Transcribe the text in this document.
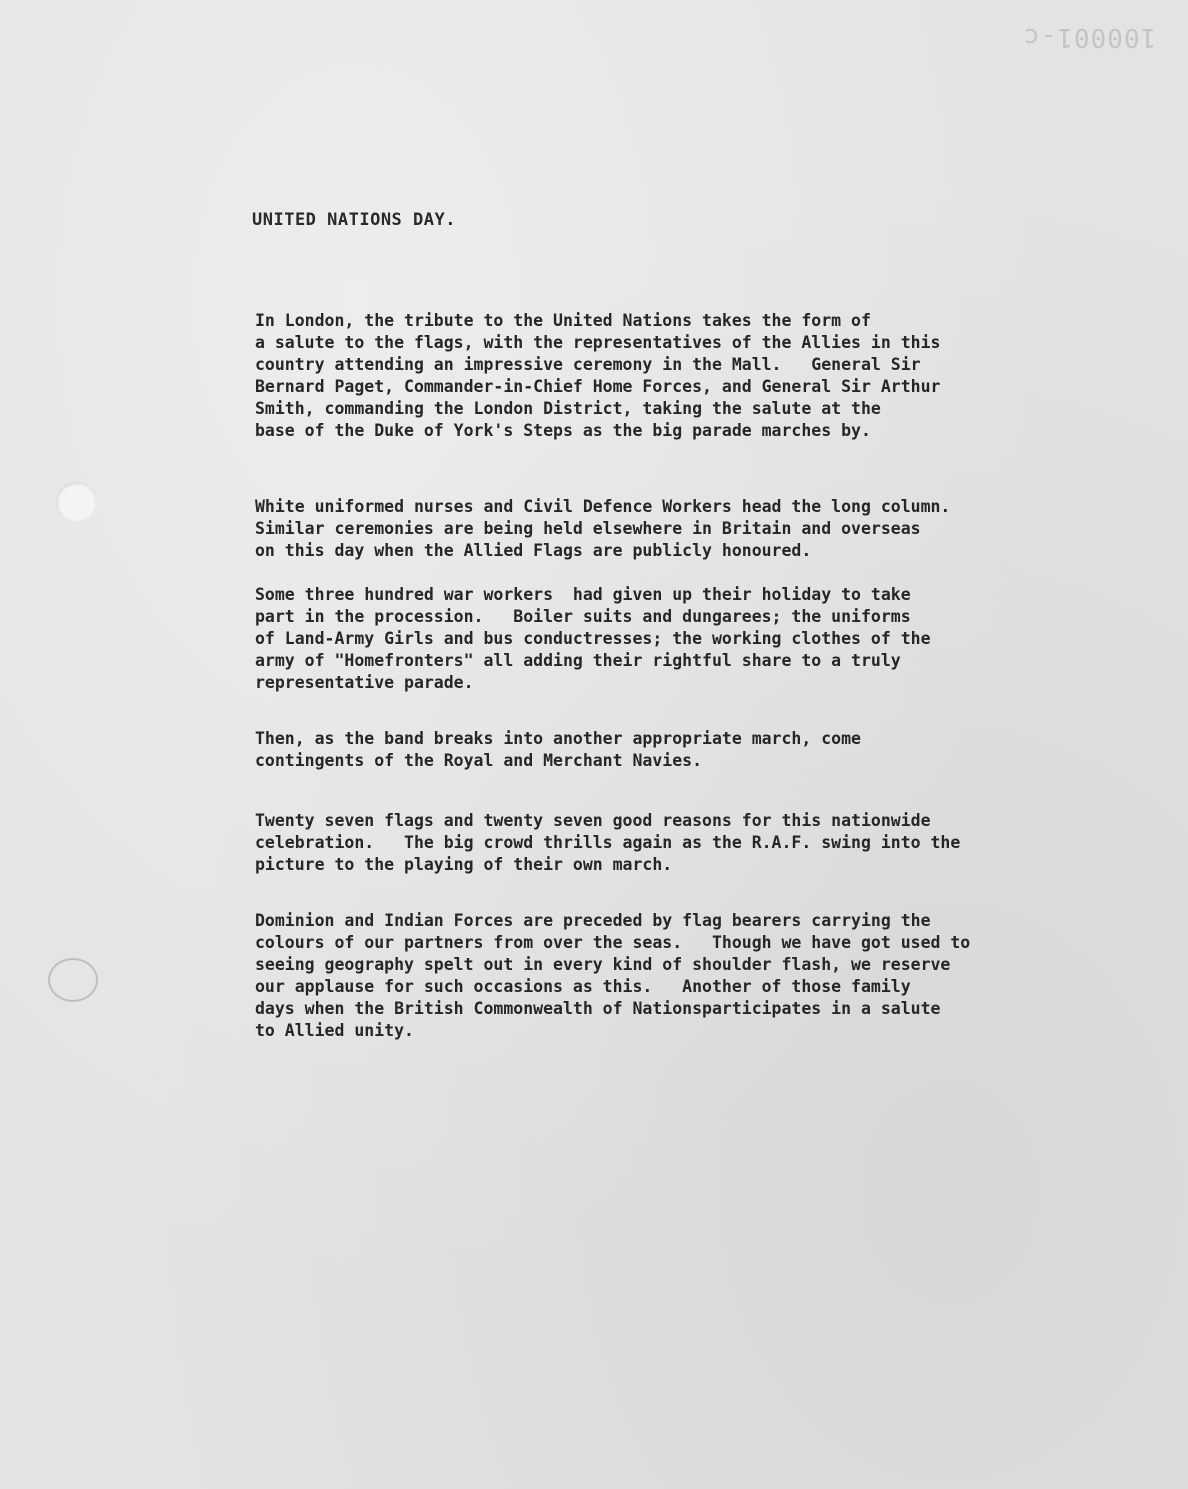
100001-c
UNITED NATIONS DAY.

In London, the tribute to the United Nations takes the form of
a salute to the flags, with the representatives of the Allies in this
country attending an impressive ceremony in the Mall.   General Sir
Bernard Paget, Commander-in-Chief Home Forces, and General Sir Arthur
Smith, commanding the London District, taking the salute at the
base of the Duke of York's Steps as the big parade marches by.

White uniformed nurses and Civil Defence Workers head the long column.
Similar ceremonies are being held elsewhere in Britain and overseas
on this day when the Allied Flags are publicly honoured.

Some three hundred war workers  had given up their holiday to take
part in the procession.   Boiler suits and dungarees; the uniforms
of Land-Army Girls and bus conductresses; the working clothes of the
army of "Homefronters" all adding their rightful share to a truly
representative parade.

Then, as the band breaks into another appropriate march, come
contingents of the Royal and Merchant Navies.

Twenty seven flags and twenty seven good reasons for this nationwide
celebration.   The big crowd thrills again as the R.A.F. swing into the
picture to the playing of their own march.

Dominion and Indian Forces are preceded by flag bearers carrying the
colours of our partners from over the seas.   Though we have got used to
seeing geography spelt out in every kind of shoulder flash, we reserve
our applause for such occasions as this.   Another of those family
days when the British Commonwealth of Nationsparticipates in a salute
to Allied unity.
